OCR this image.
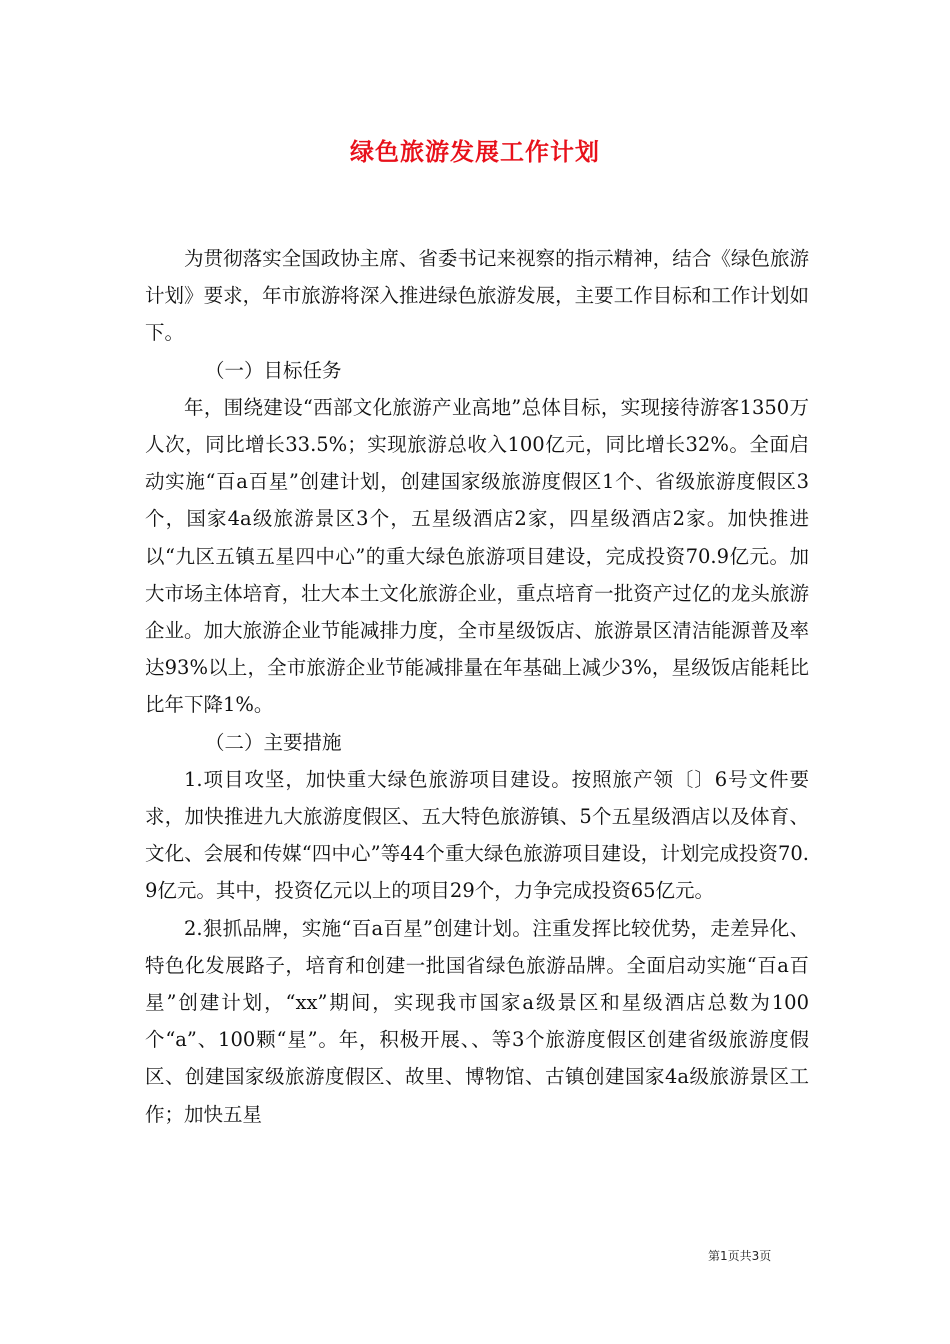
绿色旅游发展工作计划

为贯彻落实全国政协主席、省委书记来视察的指示精神，结合《绿色旅游计划》要求，年市旅游将深入推进绿色旅游发展，主要工作目标和工作计划如下。

（一）目标任务

年，围绕建设“西部文化旅游产业高地”总体目标，实现接待游客1350万人次，同比增长33.5%；实现旅游总收入100亿元，同比增长32%。全面启动实施“百a百星”创建计划，创建国家级旅游度假区1个、省级旅游度假区3个，国家4a级旅游景区3个，五星级酒店2家，四星级酒店2家。加快推进以“九区五镇五星四中心”的重大绿色旅游项目建设，完成投资70.9亿元。加大市场主体培育，壮大本土文化旅游企业，重点培育一批资产过亿的龙头旅游企业。加大旅游企业节能减排力度，全市星级饭店、旅游景区清洁能源普及率达93%以上，全市旅游企业节能减排量在年基础上减少3%，星级饭店能耗比比年下降1%。

（二）主要措施

1.项目攻坚，加快重大绿色旅游项目建设。按照旅产领〔〕6号文件要求，加快推进九大旅游度假区、五大特色旅游镇、5个五星级酒店以及体育、文化、会展和传媒“四中心”等44个重大绿色旅游项目建设，计划完成投资70.9亿元。其中，投资亿元以上的项目29个，力争完成投资65亿元。

2.狠抓品牌，实施“百a百星”创建计划。注重发挥比较优势，走差异化、特色化发展路子，培育和创建一批国省绿色旅游品牌。全面启动实施“百a百星”创建计划，“xx”期间，实现我市国家a级景区和星级酒店总数为100个“a”、100颗“星”。年，积极开展、、等3个旅游度假区创建省级旅游度假区、创建国家级旅游度假区、故里、博物馆、古镇创建国家4a级旅游景区工作；加快五星

第1页共3页
